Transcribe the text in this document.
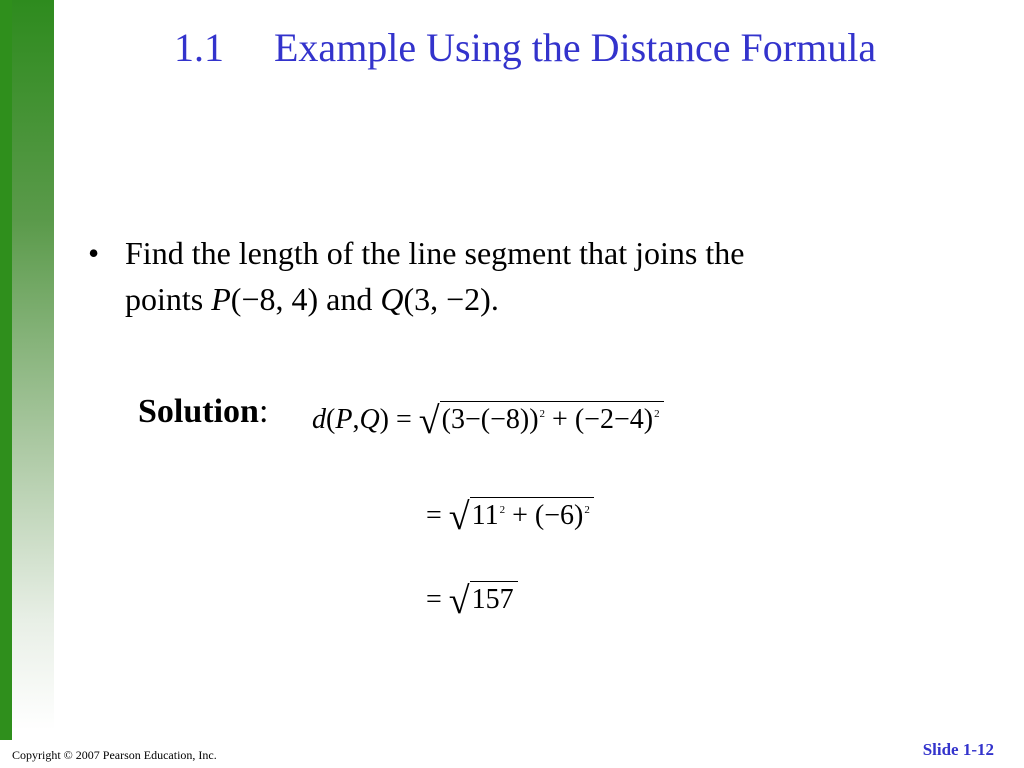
1.1 Example Using the Distance Formula
• Find the length of the line segment that joins the
points P(−8, 4) and Q(3, −2).
Solution: d(P,Q) = √ $(3-(-8))^2 + (-2-4)^2$
= √ $11^2 + (-6)^2$
= √ 157
Copyright © 2007 Pearson Education, Inc.	Slide 1-12
